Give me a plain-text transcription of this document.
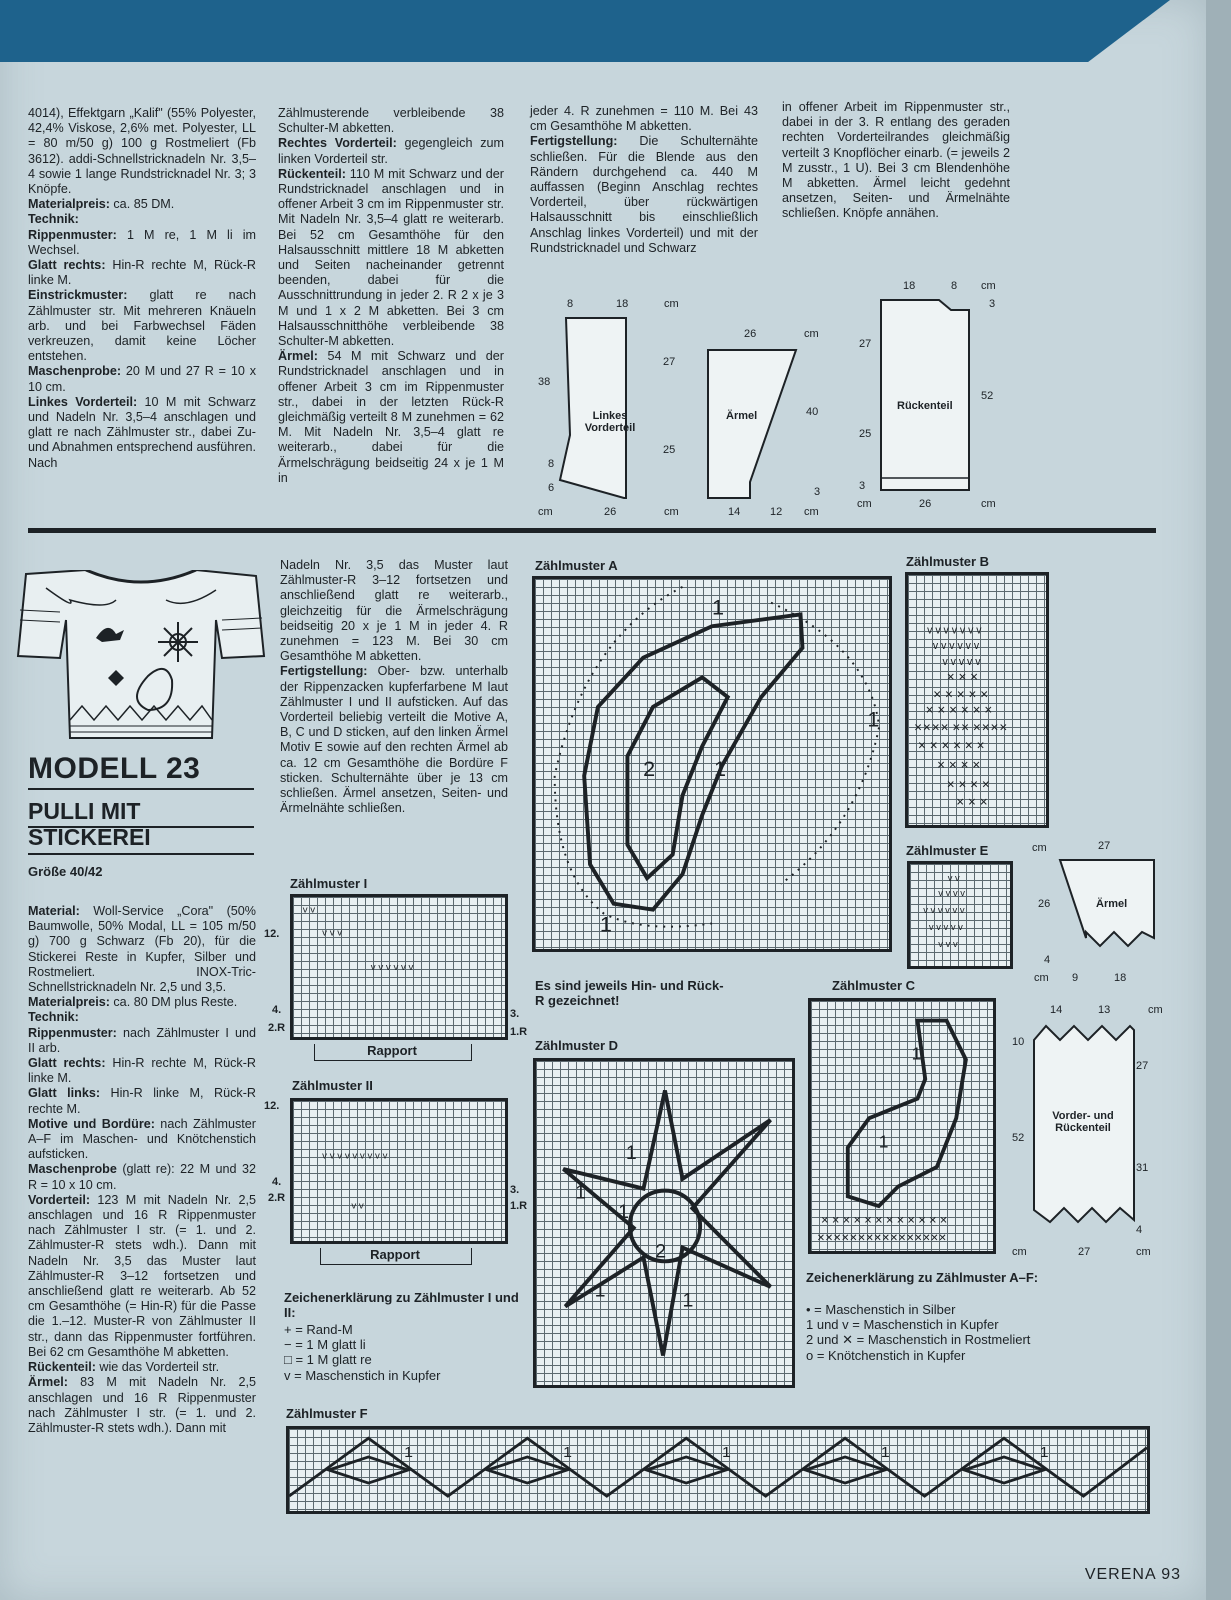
4014), Effektgarn „Kalif" (55% Polyester, 42,4% Viskose, 2,6% met. Polyester, LL = 80 m/50 g) 100 g Rostmeliert (Fb 3612). addi-Schnellstricknadeln Nr. 3,5–4 sowie 1 lange Rundstricknadel Nr. 3; 3 Knöpfe.

Materialpreis: ca. 85 DM.

Technik:

Rippenmuster: 1 M re, 1 M li im Wechsel.

Glatt rechts: Hin-R rechte M, Rück-R linke M.

Einstrickmuster: glatt re nach Zählmuster str. Mit mehreren Knäueln arb. und bei Farbwechsel Fäden verkreuzen, damit keine Löcher entstehen.

Maschenprobe: 20 M und 27 R = 10 x 10 cm.

Linkes Vorderteil: 10 M mit Schwarz und Nadeln Nr. 3,5–4 anschlagen und glatt re nach Zählmuster str., dabei Zu- und Abnahmen entsprechend ausführen. Nach

Zählmusterende verbleibende 38 Schulter-M abketten.

Rechtes Vorderteil: gegengleich zum linken Vorderteil str.

Rückenteil: 110 M mit Schwarz und der Rundstricknadel anschlagen und in offener Arbeit 3 cm im Rippenmuster str. Mit Nadeln Nr. 3,5–4 glatt re weiterarb. Bei 52 cm Gesamthöhe für den Halsausschnitt mittlere 18 M abketten und Seiten nacheinander getrennt beenden, dabei für die Ausschnittrundung in jeder 2. R 2 x je 3 M und 1 x 2 M abketten. Bei 3 cm Halsausschnitthöhe verbleibende 38 Schulter-M abketten.

Ärmel: 54 M mit Schwarz und der Rundstricknadel anschlagen und in offener Arbeit 3 cm im Rippenmuster str., dabei in der letzten Rück-R gleichmäßig verteilt 8 M zunehmen = 62 M. Mit Nadeln Nr. 3,5–4 glatt re weiterarb., dabei für die Ärmelschrägung beidseitig 24 x je 1 M in

jeder 4. R zunehmen = 110 M. Bei 43 cm Gesamthöhe M abketten.

Fertigstellung: Die Schulternähte schließen. Für die Blende aus den Rändern durchgehend ca. 440 M auffassen (Beginn Anschlag rechtes Vorderteil, über rückwärtigen Halsausschnitt bis einschließlich Anschlag linkes Vorderteil) und mit der Rundstricknadel und Schwarz

in offener Arbeit im Rippenmuster str., dabei in der 3. R entlang des geraden rechten Vorderteilrandes gleichmäßig verteilt 3 Knopflöcher einarb. (= jeweils 2 M zusstr., 1 U). Bei 3 cm Blendenhöhe M abketten. Ärmel leicht gedehnt ansetzen, Seiten- und Ärmelnähte schließen. Knöpfe annähen.

8	18	cm
38
8
6
27
25
Linkes Vorderteil
cm	26	cm
26	cm
Ärmel	40
3
14	12 cm
18	8 cm
3
27
Rückenteil
52
25
3
cm	26	cm
MODELL 23
PULLI MIT
STICKEREI
Größe 40/42

Material: Woll-Service „Cora" (50% Baumwolle, 50% Modal, LL = 105 m/50 g) 700 g Schwarz (Fb 20), für die Stickerei Reste in Kupfer, Silber und Rostmeliert. INOX-Tric-Schnellstricknadeln Nr. 2,5 und 3,5.

Materialpreis: ca. 80 DM plus Reste.

Technik:

Rippenmuster: nach Zählmuster I und II arb.

Glatt rechts: Hin-R rechte M, Rück-R linke M.

Glatt links: Hin-R linke M, Rück-R rechte M.

Motive und Bordüre: nach Zählmuster A–F im Maschen- und Knötchenstich aufsticken.

Maschenprobe (glatt re): 22 M und 32 R = 10 x 10 cm.

Vorderteil: 123 M mit Nadeln Nr. 2,5 anschlagen und 16 R Rippenmuster nach Zählmuster I str. (= 1. und 2. Zählmuster-R stets wdh.). Dann mit Nadeln Nr. 3,5 das Muster laut Zählmuster-R 3–12 fortsetzen und anschließend glatt re weiterarb. Ab 52 cm Gesamthöhe (= Hin-R) für die Passe die 1.–12. Muster-R von Zählmuster II str., dann das Rippenmuster fortführen. Bei 62 cm Gesamthöhe M abketten.

Rückenteil: wie das Vorderteil str.

Ärmel: 83 M mit Nadeln Nr. 2,5 anschlagen und 16 R Rippenmuster nach Zählmuster I str. (= 1. und 2. Zählmuster-R stets wdh.). Dann mit

Nadeln Nr. 3,5 das Muster laut Zählmuster-R 3–12 fortsetzen und anschließend glatt re weiterarb., gleichzeitig für die Ärmelschrägung beidseitig 20 x je 1 M in jeder 4. R zunehmen = 123 M. Bei 30 cm Gesamthöhe M abketten.

Fertigstellung: Ober- bzw. unterhalb der Rippenzacken kupferfarbene M laut Zählmuster I und II aufsticken. Auf das Vorderteil beliebig verteilt die Motive A, B, C und D sticken, auf den linken Ärmel Motiv E sowie auf den rechten Ärmel ab ca. 12 cm Gesamthöhe die Bordüre F sticken. Schulternähte über je 13 cm schließen. Ärmel ansetzen, Seiten- und Ärmelnähte schließen.

Zählmuster A
1
2	1
1
1
Zählmuster B
v v v v v v v
v v v v v v
v v v v v
✕ ✕ ✕
✕ ✕ ✕ ✕ ✕
✕ ✕ ✕ ✕ ✕ ✕
✕✕✕✕ ✕✕ ✕✕✕✕
✕ ✕ ✕ ✕ ✕ ✕
✕ ✕ ✕ ✕
✕ ✕ ✕ ✕
✕ ✕ ✕
Zählmuster E
v v
v v v v
v v v v v v
v v v v v
v v v
Zählmuster I
v v
v v v
v v v v v v
12.
4.
2.R
3.
1.R
Rapport
Zählmuster II
v v v v v v v v v
v v
12.
4.
2.R
3.
1.R
Rapport
Es sind jeweils Hin- und Rück-R gezeichnet!
Zählmuster D
1
2
1
1
1
1
Zählmuster C
✕ ✕ ✕ ✕ ✕ ✕ ✕ ✕ ✕ ✕ ✕ ✕
✕✕✕✕✕✕✕✕✕✕✕✕✕✕✕✕
1
1
Zeichenerklärung zu Zählmuster I und II:

+ = Rand-M

− = 1 M glatt li

□ = 1 M glatt re

v = Maschenstich in Kupfer

Zeichenerklärung zu Zählmuster A–F:

• = Maschenstich in Silber

1 und v = Maschenstich in Kupfer

2 und ✕ = Maschenstich in Rostmeliert

o = Knötchenstich in Kupfer

cm	27
26	Ärmel
4
cm 9	18
14	13	cm
10
27
Vorder- und Rückenteil
52
31
4
cm	27	cm
Zählmuster F
1	1	1	1	1
VERENA 93
